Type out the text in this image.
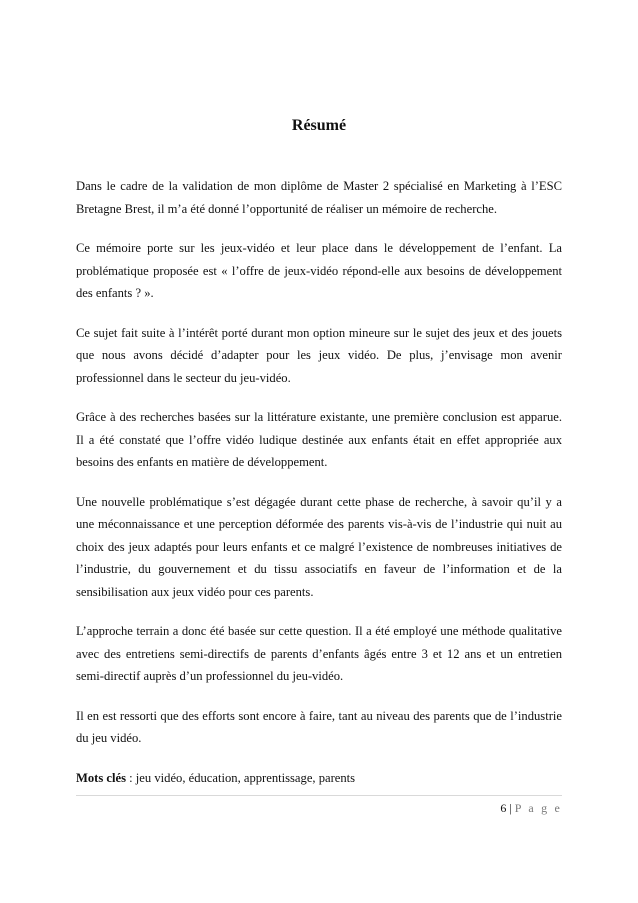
Résumé

Dans le cadre de la validation de mon diplôme de Master 2 spécialisé en Marketing à l’ESC Bretagne Brest, il m’a été donné l’opportunité de réaliser un mémoire de recherche.

Ce mémoire porte sur les jeux-vidéo et leur place dans le développement de l’enfant. La problématique proposée est « l’offre de jeux-vidéo répond-elle aux besoins de développement des enfants ? ».

Ce sujet fait suite à l’intérêt porté durant mon option mineure sur le sujet des jeux et des jouets que nous avons décidé d’adapter pour les jeux vidéo. De plus, j’envisage mon avenir professionnel dans le secteur du jeu-vidéo.

Grâce à des recherches basées sur la littérature existante, une première conclusion est apparue. Il a été constaté que l’offre vidéo ludique destinée aux enfants était en effet appropriée aux besoins des enfants en matière de développement.

Une nouvelle problématique s’est dégagée durant cette phase de recherche, à savoir qu’il y a une méconnaissance et une perception déformée des parents vis-à-vis de l’industrie qui nuit au choix des jeux adaptés pour leurs enfants et ce malgré l’existence de nombreuses initiatives de l’industrie, du gouvernement et du tissu associatifs en faveur de l’information et de la sensibilisation aux jeux vidéo pour ces parents.

L’approche terrain a donc été basée sur cette question. Il a été employé une méthode qualitative avec des entretiens semi-directifs de parents d’enfants âgés entre 3 et 12 ans et un entretien semi-directif auprès d’un professionnel du jeu-vidéo.

Il en est ressorti que des efforts sont encore à faire, tant au niveau des parents que de l’industrie du jeu vidéo.

Mots clés : jeu vidéo, éducation, apprentissage, parents

6 | P a g e
